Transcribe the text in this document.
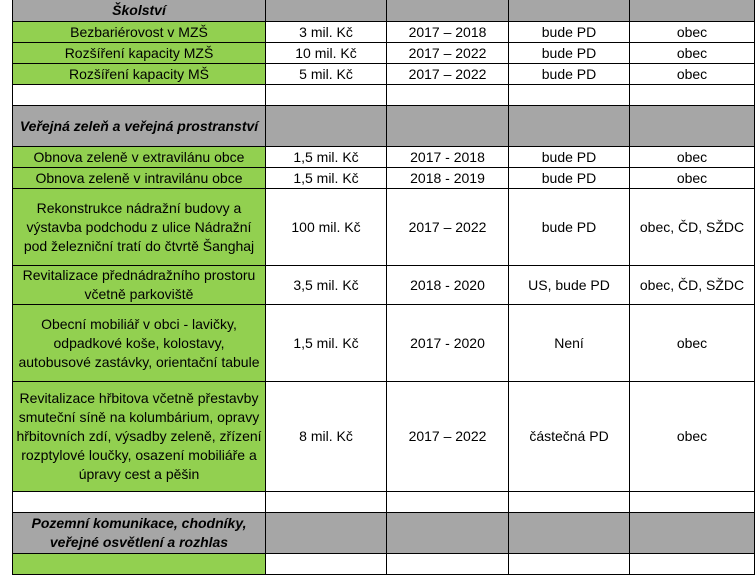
Školství				
Bezbariérovost v MZŠ	3 mil. Kč	2017 – 2018	bude PD	obec
Rozšíření kapacity MZŠ	10 mil. Kč	2017 – 2022	bude PD	obec
Rozšíření kapacity MŠ	5 mil. Kč	2017 – 2022	bude PD	obec

Veřejná zeleň a veřejná prostranství				
Obnova zeleně v extravilánu obce	1,5 mil. Kč	2017 - 2018	bude PD	obec
Obnova zeleně v intravilánu obce	1,5 mil. Kč	2018 - 2019	bude PD	obec
Rekonstrukce nádražní budovy a výstavba podchodu z ulice Nádražní pod železniční tratí do čtvrtě Šanghaj	100 mil. Kč	2017 – 2022	bude PD	obec, ČD, SŽDC
Revitalizace přednádražního prostoru včetně parkoviště	3,5 mil. Kč	2018 - 2020	US, bude PD	obec, ČD, SŽDC
Obecní mobiliář v obci - lavičky, odpadkové koše, kolostavy, autobusové zastávky, orientační tabule	1,5 mil. Kč	2017 - 2020	Není	obec
Revitalizace hřbitova včetně přestavby smuteční síně na kolumbárium, opravy hřbitovních zdí, výsadby zeleně, zřízení rozptylové loučky, osazení mobiliáře a úpravy cest a pěšin	8 mil. Kč	2017 – 2022	částečná PD	obec

Pozemní komunikace, chodníky, veřejné osvětlení a rozhlas				
